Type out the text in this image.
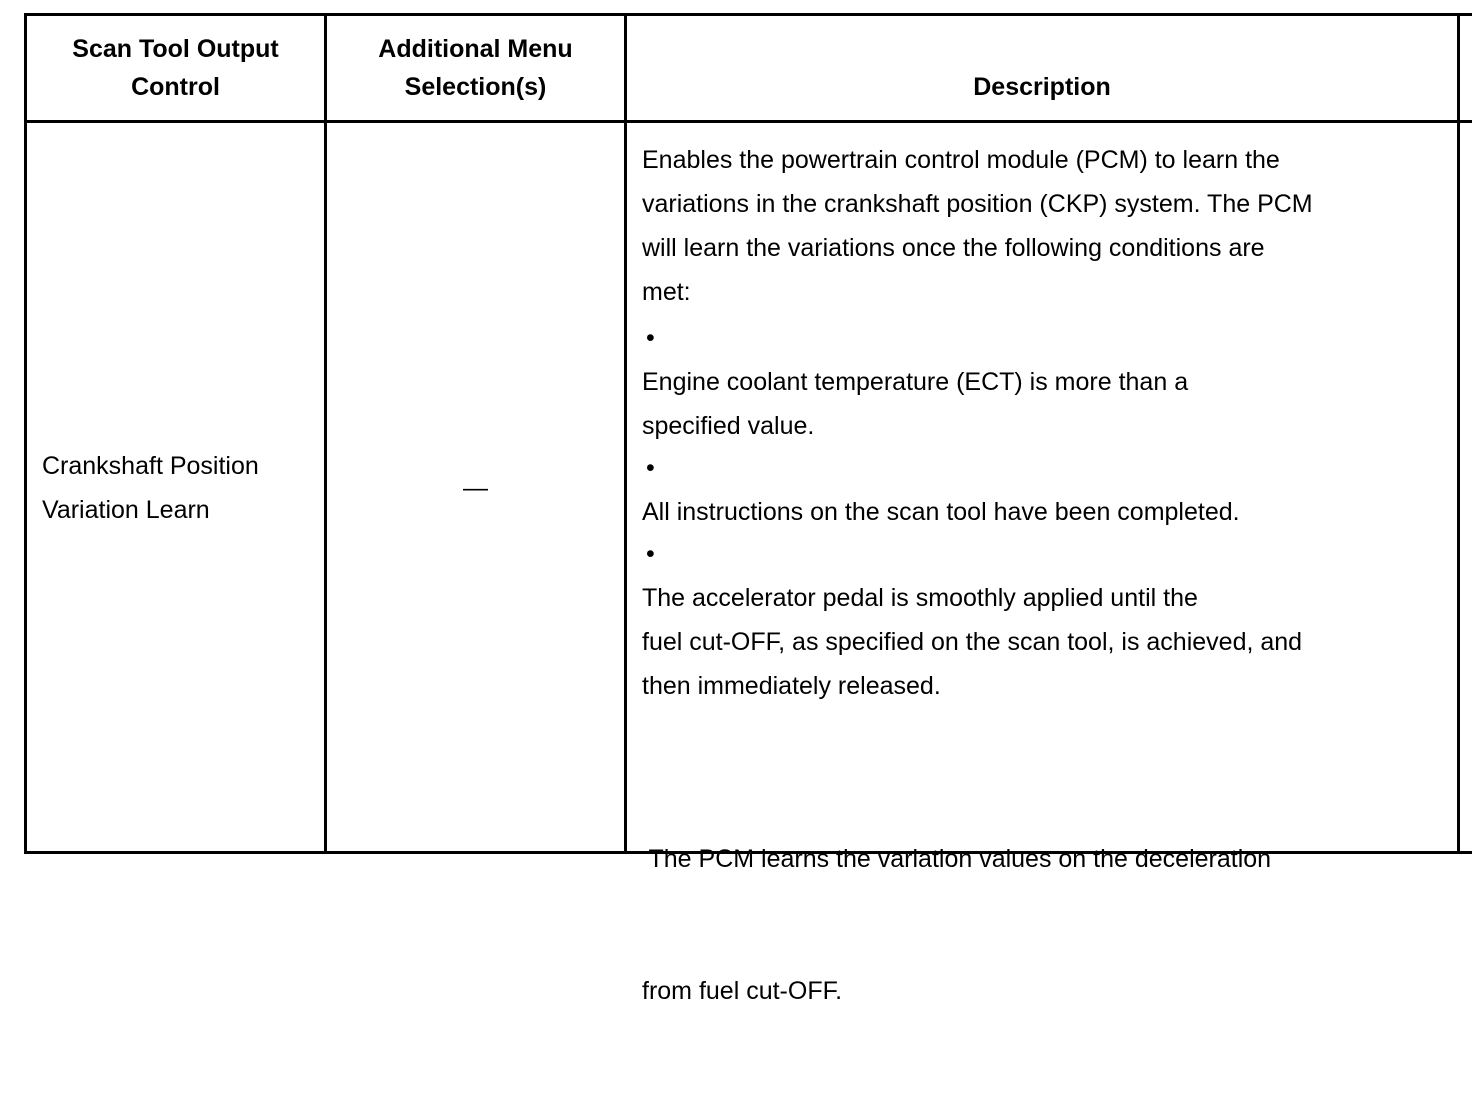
Scan Tool Output
Control
Additional Menu
Selection(s)	Description
Crankshaft Position
Variation Learn
—
Enables the powertrain control module (PCM) to learn the
variations in the crankshaft position (CKP) system. The PCM
will learn the variations once the following conditions are
met:
•
Engine coolant temperature (ECT) is more than a
specified value.
•
All instructions on the scan tool have been completed.
•
The accelerator pedal is smoothly applied until the
fuel cut-OFF, as specified on the scan tool, is achieved, and
then immediately released.

The PCM learns the variation values on the deceleration

from fuel cut-OFF.
